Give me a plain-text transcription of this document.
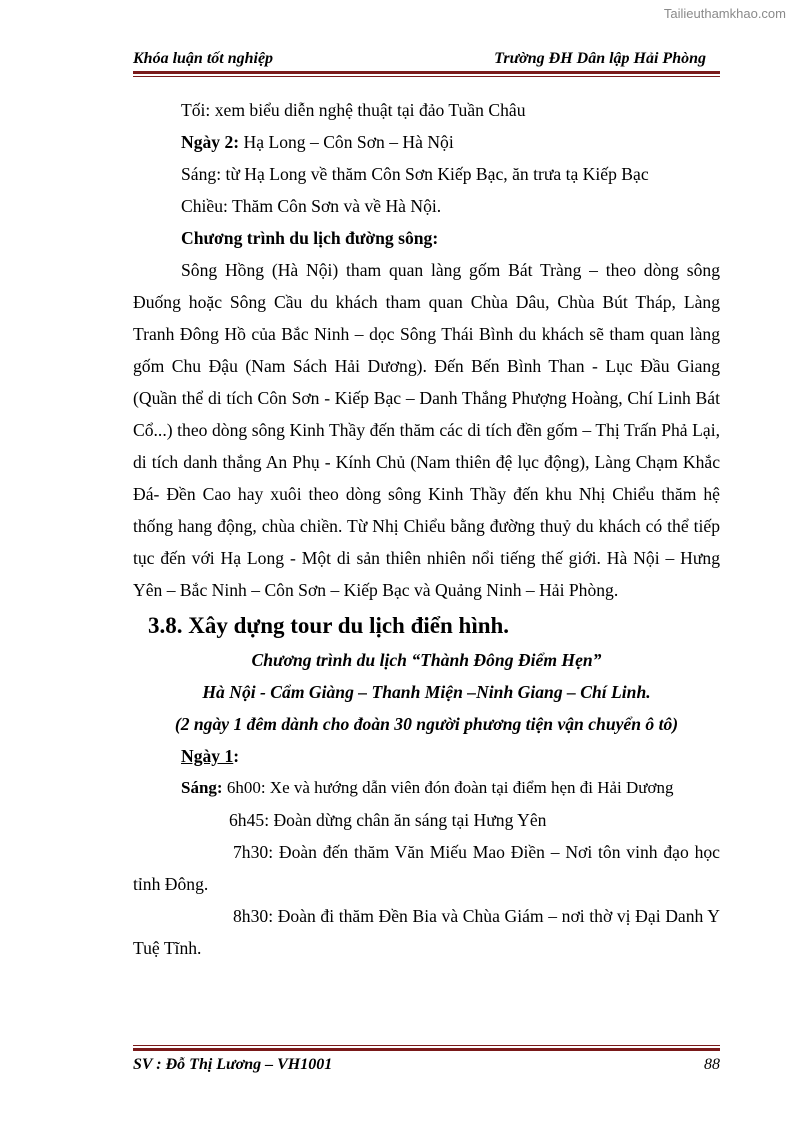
Tailieuthamkhao.com
Khóa luận tốt nghiệp	Trường ĐH Dân lập Hải Phòng

Tối: xem biểu diễn nghệ thuật tại đảo Tuần Châu

Ngày 2: Hạ Long – Côn Sơn – Hà Nội

Sáng: từ Hạ Long về thăm Côn Sơn Kiếp Bạc, ăn trưa tạ Kiếp Bạc

Chiều: Thăm Côn Sơn và về Hà Nội.

Chương trình du lịch đường sông:

Sông Hồng (Hà Nội) tham quan làng gốm Bát Tràng – theo dòng sông Đuống hoặc Sông Cầu du khách tham quan Chùa Dâu, Chùa Bút Tháp, Làng Tranh Đông Hồ của Bắc Ninh – dọc Sông Thái Bình du khách sẽ tham quan làng gốm Chu Đậu (Nam Sách Hải Dương). Đến Bến Bình Than - Lục Đầu Giang (Quần thể di tích Côn Sơn - Kiếp Bạc – Danh Thắng Phượng Hoàng, Chí Linh Bát Cổ...) theo dòng sông Kinh Thầy đến thăm các di tích đền gốm – Thị Trấn Phả Lại, di tích danh thắng An Phụ - Kính Chủ (Nam thiên đệ lục động), Làng Chạm Khắc Đá- Đền Cao hay xuôi theo dòng sông Kinh Thầy đến khu Nhị Chiểu thăm hệ thống hang động, chùa chiền. Từ Nhị Chiểu bằng đường thuỷ du khách có thể tiếp tục đến với Hạ Long - Một di sản thiên nhiên nổi tiếng thế giới. Hà Nội – Hưng Yên – Bắc Ninh – Côn Sơn – Kiếp Bạc và Quảng Ninh – Hải Phòng.

3.8. Xây dựng tour du lịch điển hình.

Chương trình du lịch “Thành Đông Điểm Hẹn”

Hà Nội - Cẩm Giàng – Thanh Miện –Ninh Giang – Chí Linh.

(2 ngày 1 đêm dành cho đoàn 30 người phương tiện vận chuyển ô tô)

Ngày 1:

Sáng: 6h00: Xe và hướng dẫn viên đón đoàn tại điểm hẹn đi Hải Dương

6h45: Đoàn dừng chân ăn sáng tại Hưng Yên

7h30: Đoàn đến thăm Văn Miếu Mao Điền – Nơi tôn vinh đạo học tỉnh Đông.

8h30: Đoàn đi thăm Đền Bia và Chùa Giám – nơi thờ vị Đại Danh Y Tuệ Tĩnh.

SV : Đỗ Thị Lương – VH1001	88
